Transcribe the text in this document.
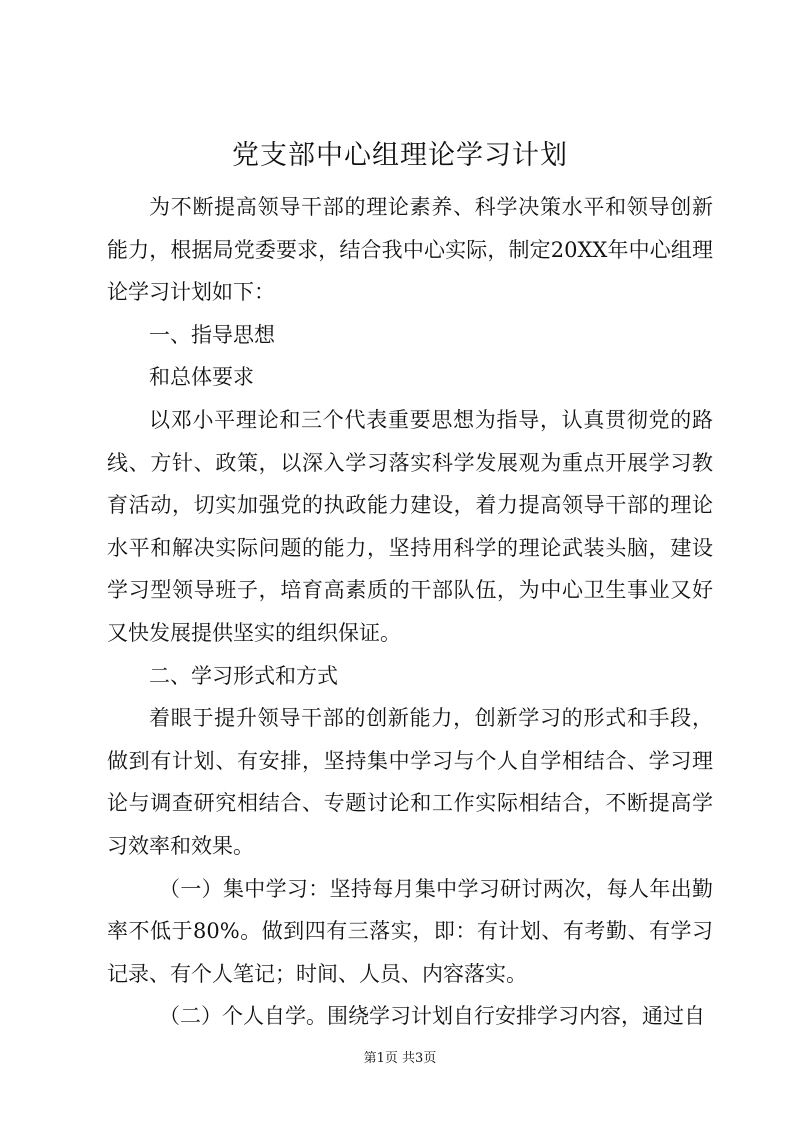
党支部中心组理论学习计划

为不断提高领导干部的理论素养、科学决策水平和领导创新能力，根据局党委要求，结合我中心实际，制定20XX年中心组理论学习计划如下：

一、指导思想

和总体要求

以邓小平理论和三个代表重要思想为指导，认真贯彻党的路线、方针、政策，以深入学习落实科学发展观为重点开展学习教育活动，切实加强党的执政能力建设，着力提高领导干部的理论水平和解决实际问题的能力，坚持用科学的理论武装头脑，建设学习型领导班子，培育高素质的干部队伍，为中心卫生事业又好又快发展提供坚实的组织保证。

二、学习形式和方式

着眼于提升领导干部的创新能力，创新学习的形式和手段，做到有计划、有安排，坚持集中学习与个人自学相结合、学习理论与调查研究相结合、专题讨论和工作实际相结合，不断提高学习效率和效果。

（一）集中学习：坚持每月集中学习研讨两次，每人年出勤率不低于80%。做到四有三落实，即：有计划、有考勤、有学习记录、有个人笔记；时间、人员、内容落实。

（二）个人自学。围绕学习计划自行安排学习内容，通过自

第1页 共3页
